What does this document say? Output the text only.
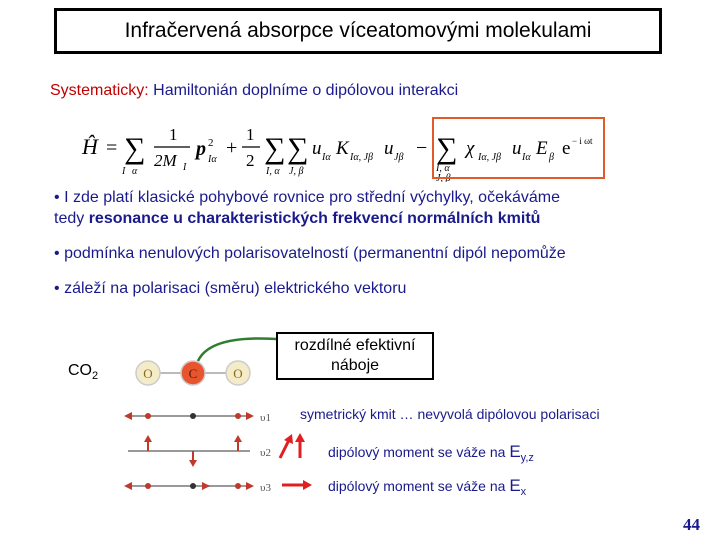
Infračervená absorpce víceatomovými molekulami
Systematicky: Hamiltonián doplníme o dipólovou interakci
Ĥ = ∑
I α
1
2M I
p 2
Iα
+
1
2 ∑
I, α
∑
J, β
u Iα K Iα, Jβ u Jβ − ∑
I, α
J, β
χ Iα, Jβ u Iα E β e − i ωt
• I zde platí klasické pohybové rovnice pro střední výchylky, očekáváme
tedy resonance u charakteristických frekvencí normálních kmitů
• podmínka nenulových polarisovatelností (permanentní dipól nepomůže
• záleží na polarisaci (směru) elektrického vektoru
$CO_2$	O	C	O
υ1
υ2
υ3
rozdílné efektivní
náboje
symetrický kmit … nevyvolá dipólovou polarisaci
dipólový moment se váže na $E_{y,z}$
dipólový moment se váže na $E_x$
44
